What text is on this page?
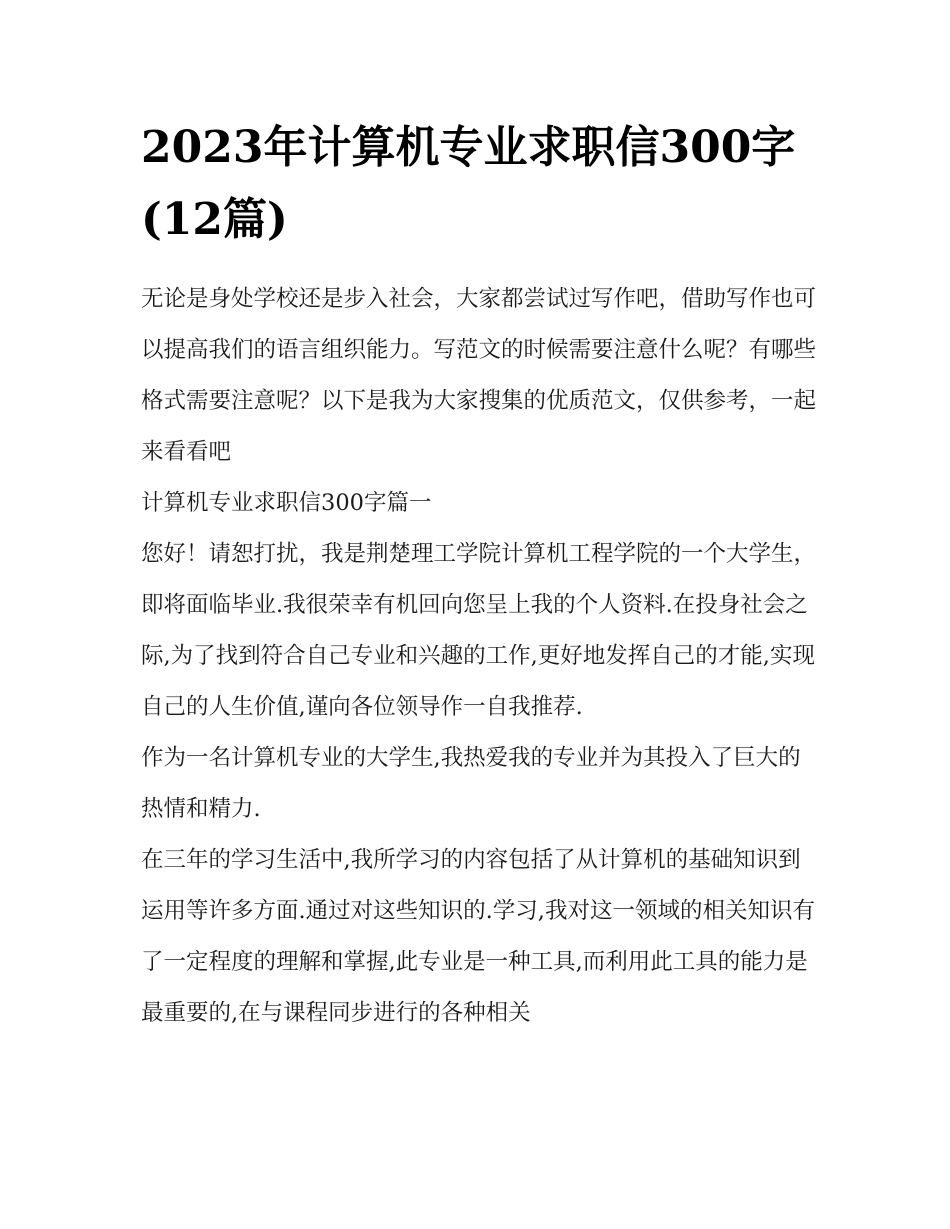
2023年计算机专业求职信300字(12篇)

无论是身处学校还是步入社会，大家都尝试过写作吧，借助写作也可以提高我们的语言组织能力。写范文的时候需要注意什么呢？有哪些格式需要注意呢？以下是我为大家搜集的优质范文，仅供参考，一起来看看吧

计算机专业求职信300字篇一

您好！请恕打扰，我是荆楚理工学院计算机工程学院的一个大学生，即将面临毕业.我很荣幸有机回向您呈上我的个人资料.在投身社会之际,为了找到符合自己专业和兴趣的工作,更好地发挥自己的才能,实现自己的人生价值,谨向各位领导作一自我推荐.

作为一名计算机专业的大学生,我热爱我的专业并为其投入了巨大的热情和精力.

在三年的学习生活中,我所学习的内容包括了从计算机的基础知识到运用等许多方面.通过对这些知识的.学习,我对这一领域的相关知识有了一定程度的理解和掌握,此专业是一种工具,而利用此工具的能力是最重要的,在与课程同步进行的各种相关
